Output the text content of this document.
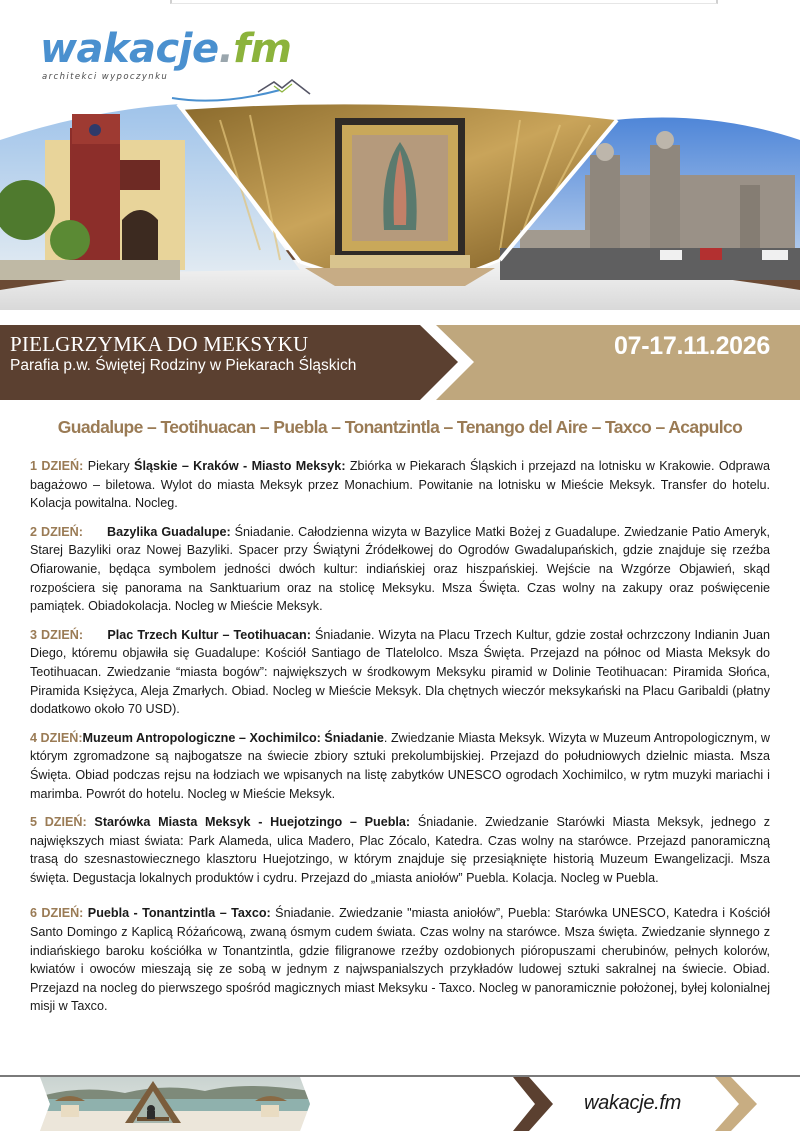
wakacje.fm
architekci wypoczynku
PIELGRZYMKA DO MEKSYKU
Parafia p.w. Świętej Rodziny w Piekarach Śląskich
07-17.11.2026
Guadalupe – Teotihuacan – Puebla – Tonantzintla – Tenango del Aire – Taxco – Acapulco

1 DZIEŃ: Piekary Śląskie – Kraków - Miasto Meksyk: Zbiórka w Piekarach Śląskich i przejazd na lotnisku w Krakowie. Odprawa bagażowo – biletowa. Wylot do miasta Meksyk przez Monachium. Powitanie na lotnisku w Mieście Meksyk. Transfer do hotelu. Kolacja powitalna. Nocleg.

2 DZIEŃ: Bazylika Guadalupe: Śniadanie. Całodzienna wizyta w Bazylice Matki Bożej z Guadalupe. Zwiedzanie Patio Ameryk, Starej Bazyliki oraz Nowej Bazyliki. Spacer przy Świątyni Źródełkowej do Ogrodów Gwadalupańskich, gdzie znajduje się rzeźba Ofiarowanie, będąca symbolem jedności dwóch kultur: indiańskiej oraz hiszpańskiej. Wejście na Wzgórze Objawień, skąd rozpościera się panorama na Sanktuarium oraz na stolicę Meksyku. Msza Święta. Czas wolny na zakupy oraz poświęcenie pamiątek. Obiadokolacja. Nocleg w Mieście Meksyk.

3 DZIEŃ: Plac Trzech Kultur – Teotihuacan: Śniadanie. Wizyta na Placu Trzech Kultur, gdzie został ochrzczony Indianin Juan Diego, któremu objawiła się Guadalupe: Kościół Santiago de Tlatelolco. Msza Święta. Przejazd na północ od Miasta Meksyk do Teotihuacan. Zwiedzanie “miasta bogów”: największych w środkowym Meksyku piramid w Dolinie Teotihuacan: Piramida Słońca, Piramida Księżyca, Aleja Zmarłych. Obiad. Nocleg w Mieście Meksyk. Dla chętnych wieczór meksykański na Placu Garibaldi (płatny dodatkowo około 70 USD).

4 DZIEŃ:Muzeum Antropologiczne – Xochimilco: Śniadanie. Zwiedzanie Miasta Meksyk. Wizyta w Muzeum Antropologicznym, w którym zgromadzone są najbogatsze na świecie zbiory sztuki prekolumbijskiej. Przejazd do południowych dzielnic miasta. Msza Święta. Obiad podczas rejsu na łodziach we wpisanych na listę zabytków UNESCO ogrodach Xochimilco, w rytm muzyki mariachi i marimba. Powrót do hotelu. Nocleg w Mieście Meksyk.

5 DZIEŃ: Starówka Miasta Meksyk - Huejotzingo – Puebla: Śniadanie. Zwiedzanie Starówki Miasta Meksyk, jednego z największych miast świata: Park Alameda, ulica Madero, Plac Zócalo, Katedra. Czas wolny na starówce. Przejazd panoramiczną trasą do szesnastowiecznego klasztoru Huejotzingo, w którym znajduje się przesiąknięte historią Muzeum Ewangelizacji. Msza święta. Degustacja lokalnych produktów i cydru. Przejazd do „miasta aniołów” Puebla. Kolacja. Nocleg w Puebla.

6 DZIEŃ: Puebla - Tonantzintla – Taxco: Śniadanie. Zwiedzanie "miasta aniołów”, Puebla: Starówka UNESCO, Katedra i Kościół Santo Domingo z Kaplicą Różańcową, zwaną ósmym cudem świata. Czas wolny na starówce. Msza święta. Zwiedzanie słynnego z indiańskiego baroku kościółka w Tonantzintla, gdzie filigranowe rzeźby ozdobionych pióropuszami cherubinów, pełnych kolorów, kwiatów i owoców mieszają się ze sobą w jednym z najwspanialszych przykładów ludowej sztuki sakralnej na świecie. Obiad. Przejazd na nocleg do pierwszego spośród magicznych miast Meksyku - Taxco. Nocleg w panoramicznie położonej, byłej kolonialnej misji w Taxco.

wakacje.fm
